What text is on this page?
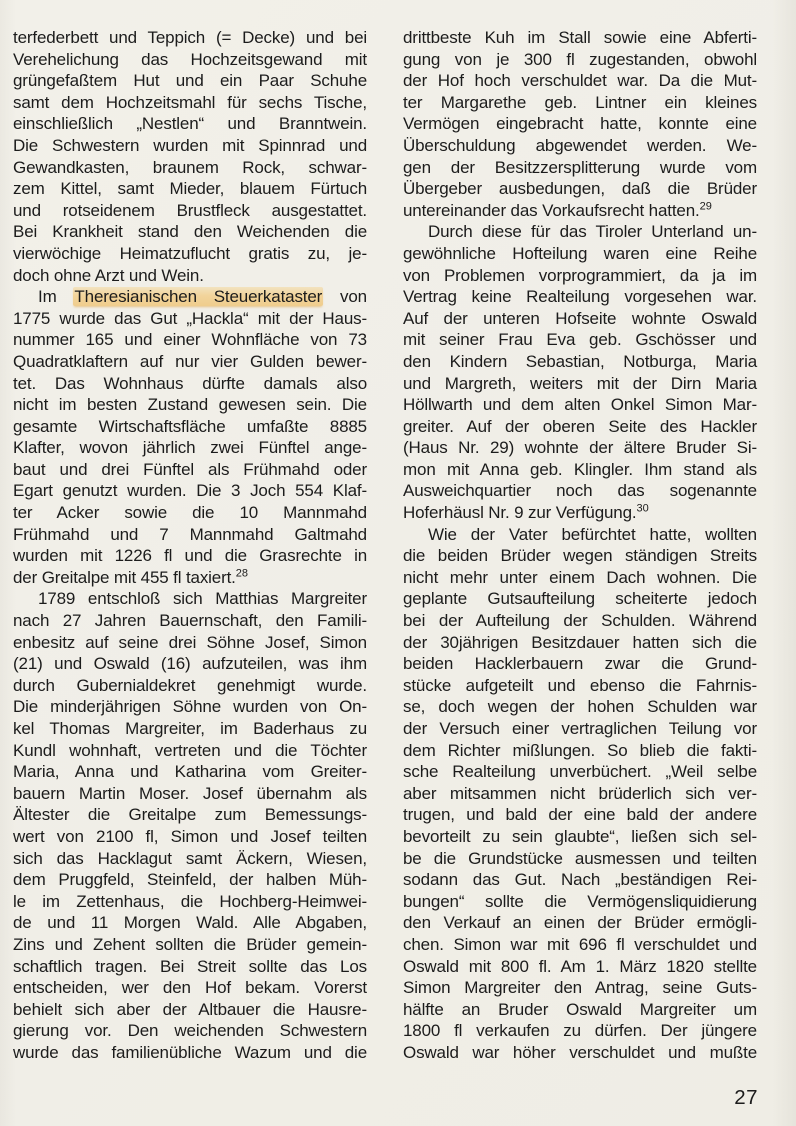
terfederbett und Teppich (= Decke) und bei
Verehelichung das Hochzeitsgewand mit
grüngefaßtem Hut und ein Paar Schuhe
samt dem Hochzeitsmahl für sechs Tische,
einschließlich „Nestlen“ und Branntwein.
Die Schwestern wurden mit Spinnrad und
Gewandkasten, braunem Rock, schwar-
zem Kittel, samt Mieder, blauem Fürtuch
und rotseidenem Brustfleck ausgestattet.
Bei Krankheit stand den Weichenden die
vierwöchige Heimatzuflucht gratis zu, je-
doch ohne Arzt und Wein.
Im Theresianischen Steuerkataster von
1775 wurde das Gut „Hackla“ mit der Haus-
nummer 165 und einer Wohnfläche von 73
Quadratklaftern auf nur vier Gulden bewer-
tet. Das Wohnhaus dürfte damals also
nicht im besten Zustand gewesen sein. Die
gesamte Wirtschaftsfläche umfaßte 8885
Klafter, wovon jährlich zwei Fünftel ange-
baut und drei Fünftel als Frühmahd oder
Egart genutzt wurden. Die 3 Joch 554 Klaf-
ter Acker sowie die 10 Mannmahd
Frühmahd und 7 Mannmahd Galtmahd
wurden mit 1226 fl und die Grasrechte in
der Greitalpe mit 455 fl taxiert.$^{28}$
1789 entschloß sich Matthias Margreiter
nach 27 Jahren Bauernschaft, den Famili-
enbesitz auf seine drei Söhne Josef, Simon
(21) und Oswald (16) aufzuteilen, was ihm
durch Gubernialdekret genehmigt wurde.
Die minderjährigen Söhne wurden von On-
kel Thomas Margreiter, im Baderhaus zu
Kundl wohnhaft, vertreten und die Töchter
Maria, Anna und Katharina vom Greiter-
bauern Martin Moser. Josef übernahm als
Ältester die Greitalpe zum Bemessungs-
wert von 2100 fl, Simon und Josef teilten
sich das Hacklagut samt Äckern, Wiesen,
dem Pruggfeld, Steinfeld, der halben Müh-
le im Zettenhaus, die Hochberg-Heimwei-
de und 11 Morgen Wald. Alle Abgaben,
Zins und Zehent sollten die Brüder gemein-
schaftlich tragen. Bei Streit sollte das Los
entscheiden, wer den Hof bekam. Vorerst
behielt sich aber der Altbauer die Hausre-
gierung vor. Den weichenden Schwestern
wurde das familienübliche Wazum und die
drittbeste Kuh im Stall sowie eine Abferti-
gung von je 300 fl zugestanden, obwohl
der Hof hoch verschuldet war. Da die Mut-
ter Margarethe geb. Lintner ein kleines
Vermögen eingebracht hatte, konnte eine
Überschuldung abgewendet werden. We-
gen der Besitzzersplitterung wurde vom
Übergeber ausbedungen, daß die Brüder
untereinander das Vorkaufsrecht hatten.$^{29}$
Durch diese für das Tiroler Unterland un-
gewöhnliche Hofteilung waren eine Reihe
von Problemen vorprogrammiert, da ja im
Vertrag keine Realteilung vorgesehen war.
Auf der unteren Hofseite wohnte Oswald
mit seiner Frau Eva geb. Gschösser und
den Kindern Sebastian, Notburga, Maria
und Margreth, weiters mit der Dirn Maria
Höllwarth und dem alten Onkel Simon Mar-
greiter. Auf der oberen Seite des Hackler
(Haus Nr. 29) wohnte der ältere Bruder Si-
mon mit Anna geb. Klingler. Ihm stand als
Ausweichquartier noch das sogenannte
Hoferhäusl Nr. 9 zur Verfügung.$^{30}$
Wie der Vater befürchtet hatte, wollten
die beiden Brüder wegen ständigen Streits
nicht mehr unter einem Dach wohnen. Die
geplante Gutsaufteilung scheiterte jedoch
bei der Aufteilung der Schulden. Während
der 30jährigen Besitzdauer hatten sich die
beiden Hacklerbauern zwar die Grund-
stücke aufgeteilt und ebenso die Fahrnis-
se, doch wegen der hohen Schulden war
der Versuch einer vertraglichen Teilung vor
dem Richter mißlungen. So blieb die fakti-
sche Realteilung unverbüchert. „Weil selbe
aber mitsammen nicht brüderlich sich ver-
trugen, und bald der eine bald der andere
bevorteilt zu sein glaubte“, ließen sich sel-
be die Grundstücke ausmessen und teilten
sodann das Gut. Nach „beständigen Rei-
bungen“ sollte die Vermögensliquidierung
den Verkauf an einen der Brüder ermögli-
chen. Simon war mit 696 fl verschuldet und
Oswald mit 800 fl. Am 1. März 1820 stellte
Simon Margreiter den Antrag, seine Guts-
hälfte an Bruder Oswald Margreiter um
1800 fl verkaufen zu dürfen. Der jüngere
Oswald war höher verschuldet und mußte
27
